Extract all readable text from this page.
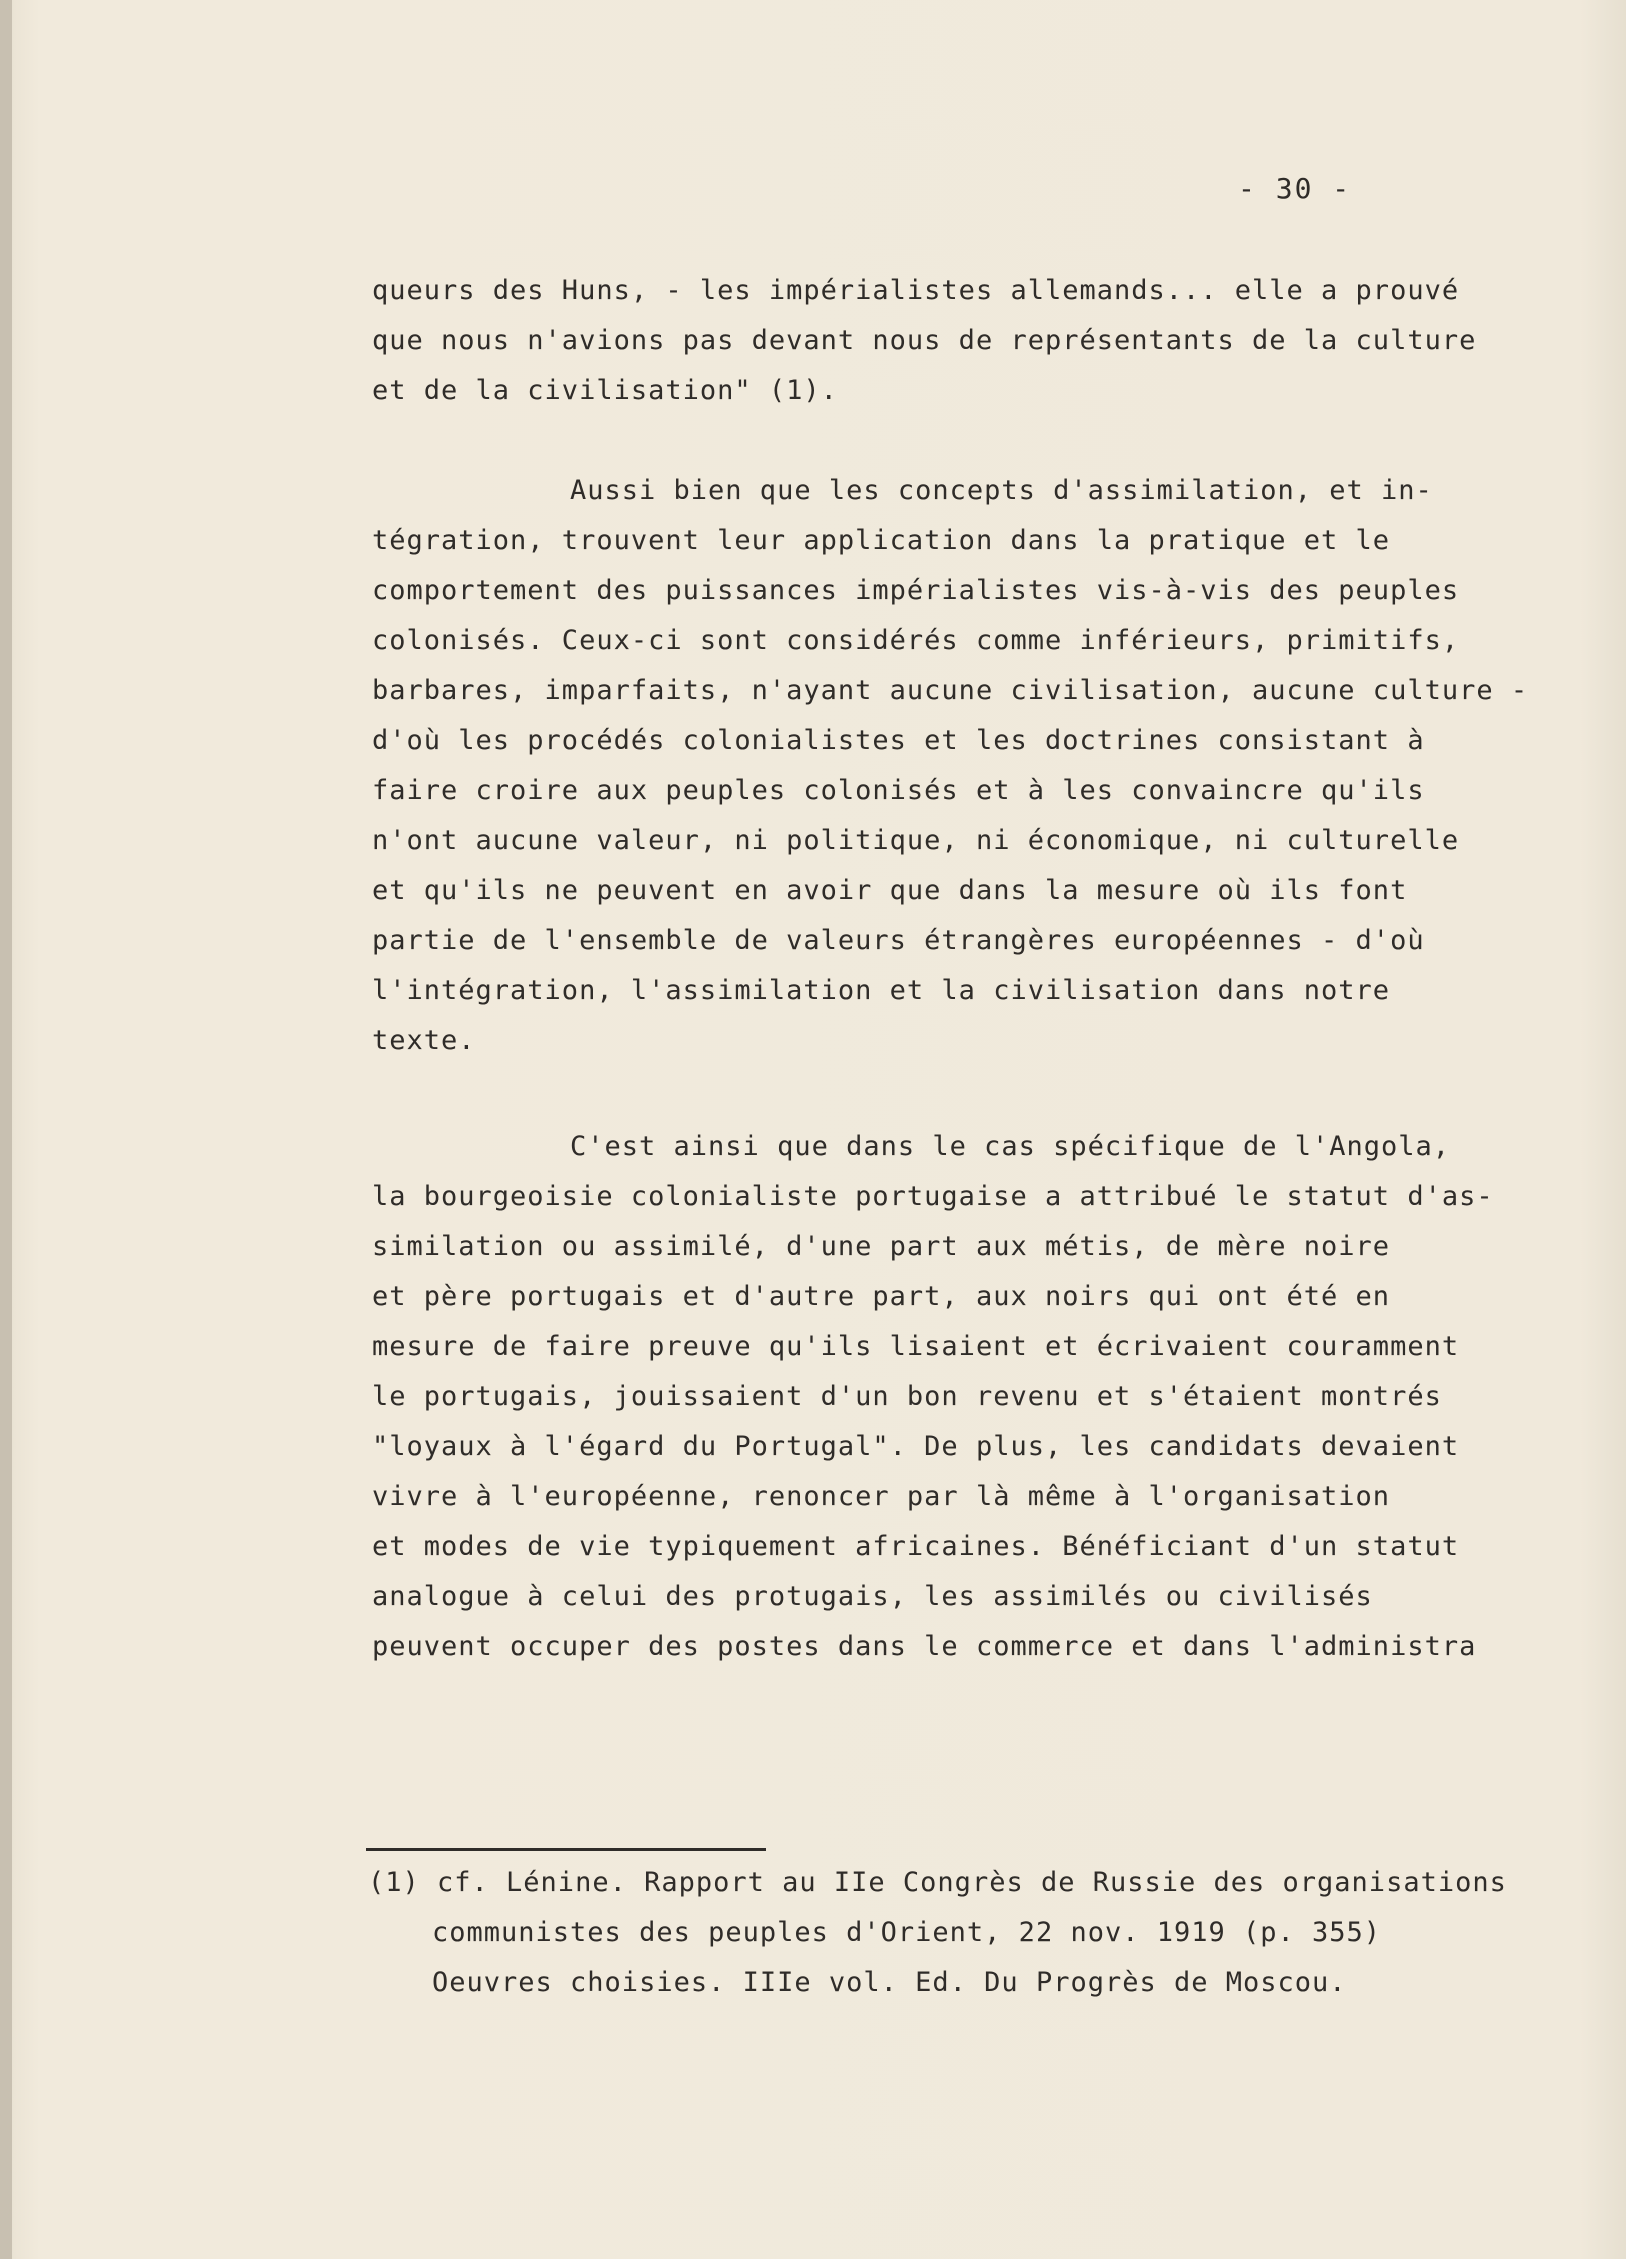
- 30 -
queurs des Huns, - les impérialistes allemands... elle a prouvé
que nous n'avions pas devant nous de représentants de la culture
et de la civilisation" (1).
Aussi bien que les concepts d'assimilation, et in-
tégration, trouvent leur application dans la pratique et le
comportement des puissances impérialistes vis-à-vis des peuples
colonisés. Ceux-ci sont considérés comme inférieurs, primitifs,
barbares, imparfaits, n'ayant aucune civilisation, aucune culture -
d'où les procédés colonialistes et les doctrines consistant à
faire croire aux peuples colonisés et à les convaincre qu'ils
n'ont aucune valeur, ni politique, ni économique, ni culturelle
et qu'ils ne peuvent en avoir que dans la mesure où ils font
partie de l'ensemble de valeurs étrangères européennes - d'où
l'intégration, l'assimilation et la civilisation dans notre
texte.
C'est ainsi que dans le cas spécifique de l'Angola,
la bourgeoisie colonialiste portugaise a attribué le statut d'as-
similation ou assimilé, d'une part aux métis, de mère noire
et père portugais et d'autre part, aux noirs qui ont été en
mesure de faire preuve qu'ils lisaient et écrivaient couramment
le portugais, jouissaient d'un bon revenu et s'étaient montrés
"loyaux à l'égard du Portugal". De plus, les candidats devaient
vivre à l'européenne, renoncer par là même à l'organisation
et modes de vie typiquement africaines. Bénéficiant d'un statut
analogue à celui des protugais, les assimilés ou civilisés
peuvent occuper des postes dans le commerce et dans l'administra
(1) cf. Lénine. Rapport au IIe Congrès de Russie des organisations
communistes des peuples d'Orient, 22 nov. 1919 (p. 355)
Oeuvres choisies. IIIe vol. Ed. Du Progrès de Moscou.
